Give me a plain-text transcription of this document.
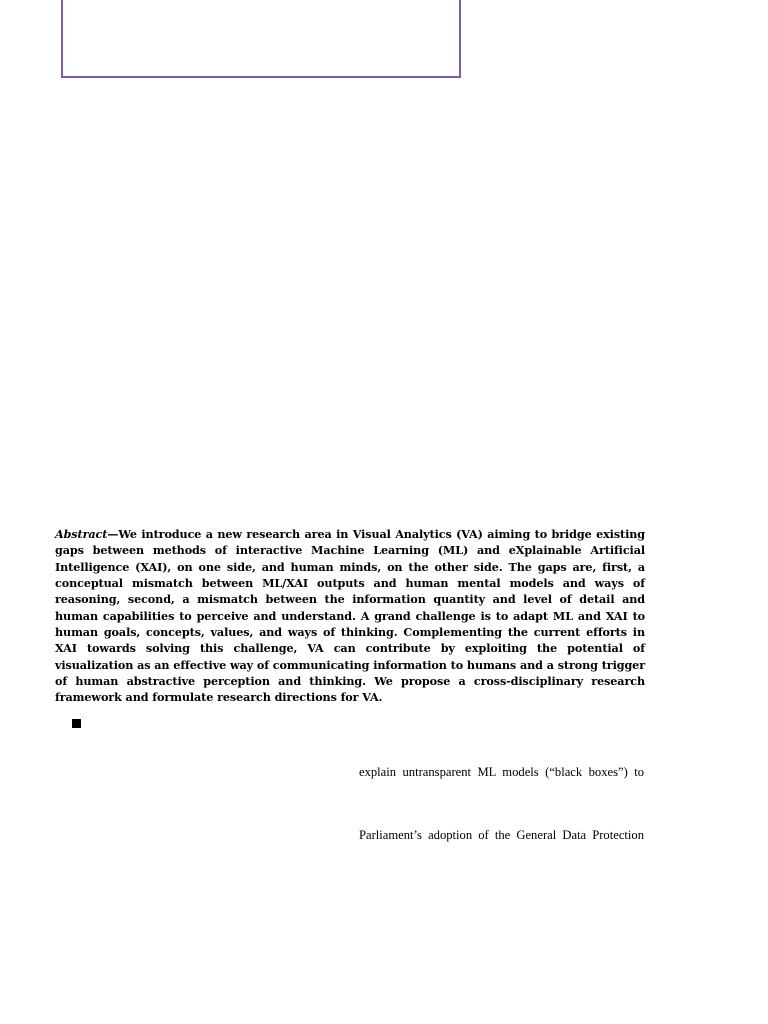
Abstract—We introduce a new research area in Visual Analytics (VA) aiming to bridge existing gaps between methods of interactive Machine Learning (ML) and eXplainable Artificial Intelligence (XAI), on one side, and human minds, on the other side. The gaps are, first, a conceptual mismatch between ML/XAI outputs and human mental models and ways of reasoning, second, a mismatch between the information quantity and level of detail and human capabilities to perceive and understand. A grand challenge is to adapt ML and XAI to human goals, concepts, values, and ways of thinking. Complementing the current efforts in XAI towards solving this challenge, VA can contribute by exploiting the potential of visualization as an effective way of communicating information to humans and a strong trigger of human abstractive perception and thinking. We propose a cross-disciplinary research framework and formulate research directions for VA.

explain untransparent ML models (“black boxes”) to
Parliament’s adoption of the General Data Protection
